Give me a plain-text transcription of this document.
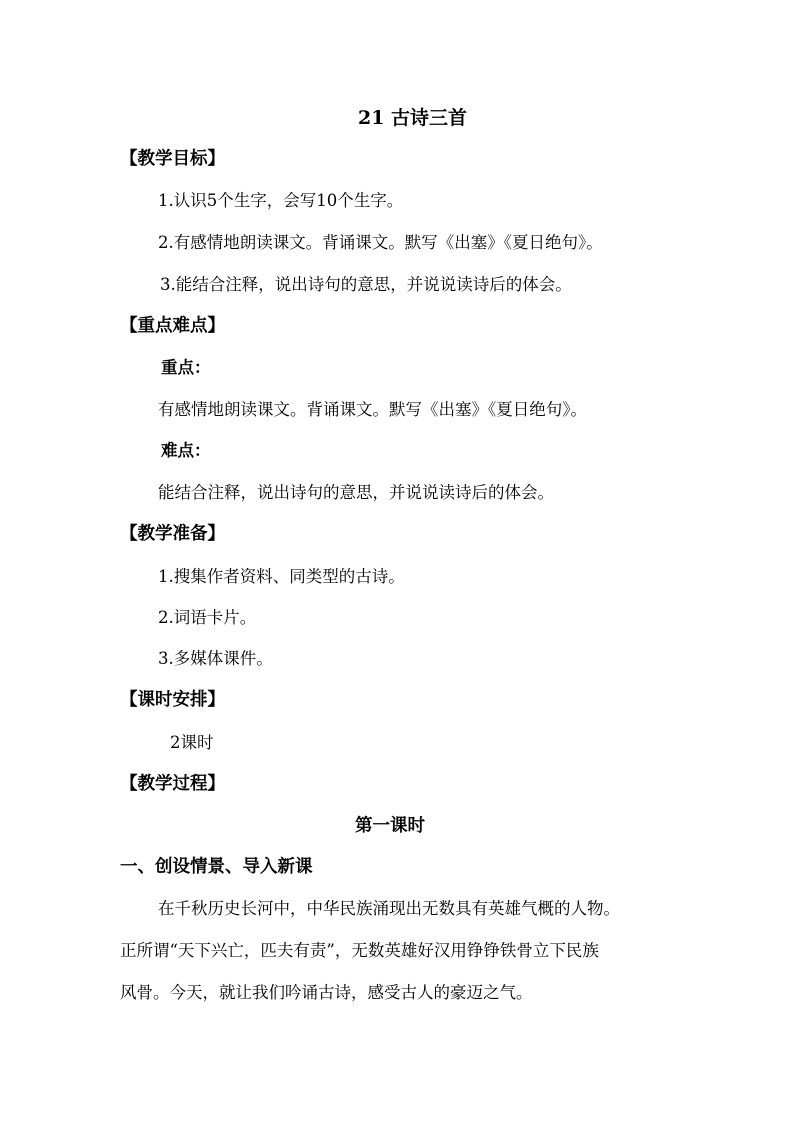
21 古诗三首
【教学目标】
1.认识5个生字，会写10个生字。
2.有感情地朗读课文。背诵课文。默写《出塞》《夏日绝句》。
3.能结合注释，说出诗句的意思，并说说读诗后的体会。
【重点难点】
重点：
有感情地朗读课文。背诵课文。默写《出塞》《夏日绝句》。
难点：
能结合注释，说出诗句的意思，并说说读诗后的体会。
【教学准备】
1.搜集作者资料、同类型的古诗。
2.词语卡片。
3.多媒体课件。
【课时安排】
2课时
【教学过程】
第一课时
一、创设情景、导入新课
在千秋历史长河中，中华民族涌现出无数具有英雄气概的人物。
正所谓“天下兴亡，匹夫有责”，无数英雄好汉用铮铮铁骨立下民族
风骨。今天，就让我们吟诵古诗，感受古人的豪迈之气。
